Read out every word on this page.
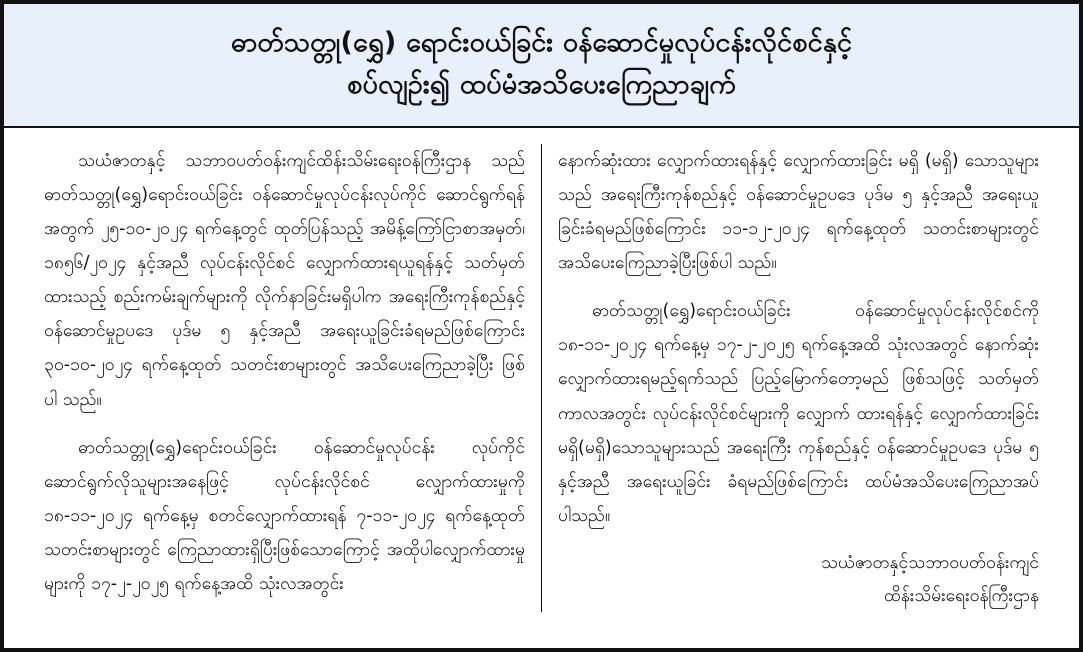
ဓာတ်သတ္တု(ရွှေ) ရောင်းဝယ်ခြင်း ဝန်ဆောင်မှုလုပ်ငန်းလိုင်စင်နှင့်
စပ်လျဉ်း၍ ထပ်မံအသိပေးကြေညာချက်

သယံဇာတနှင့် သဘာဝပတ်ဝန်းကျင်ထိန်းသိမ်းရေးဝန်ကြီးဌာန သည် ဓာတ်သတ္တု(ရွှေ)ရောင်းဝယ်ခြင်း ဝန်ဆောင်မှုလုပ်ငန်းလုပ်ကိုင် ဆောင်ရွက်ရန်အတွက် ၂၅-၁၀-၂၀၂၄ ရက်နေ့တွင် ထုတ်ပြန်သည့် အမိန့်ကြော်ငြာစာအမှတ်၊ ၁၈၅၆/၂၀၂၄ နှင့်အညီ လုပ်ငန်းလိုင်စင် လျှောက်ထားရယူရန်နှင့် သတ်မှတ်ထားသည့် စည်းကမ်းချက်များကို လိုက်နာခြင်းမရှိပါက အရေးကြီးကုန်စည်နှင့် ဝန်ဆောင်မှုဥပဒေ ပုဒ်မ ၅ နှင့်အညီ အရေးယူခြင်းခံရမည်ဖြစ်ကြောင်း ၃၀-၁၀-၂၀၂၄ ရက်နေ့ထုတ် သတင်းစာများတွင် အသိပေးကြေညာခဲ့ပြီး ဖြစ်ပါ သည်။

ဓာတ်သတ္တု(ရွှေ)ရောင်းဝယ်ခြင်း ဝန်ဆောင်မှုလုပ်ငန်း လုပ်ကိုင် ဆောင်ရွက်လိုသူများအနေဖြင့် လုပ်ငန်းလိုင်စင် လျှောက်ထားမှုကို ၁၈-၁၁-၂၀၂၄ ရက်နေ့မှ စတင်လျှောက်ထားရန် ၇-၁၁-၂၀၂၄ ရက်နေ့ထုတ် သတင်းစာများတွင် ကြေညာထားရှိပြီးဖြစ်သောကြောင့် အထိုပါလျှောက်ထားမှုများကို ၁၇-၂-၂၀၂၅ ရက်နေ့အထိ သုံးလအတွင်း

နောက်ဆုံးထား လျှောက်ထားရန်နှင့် လျှောက်ထားခြင်း မရှိ (မရှိ) သောသူများသည် အရေးကြီးကုန်စည်နှင့် ဝန်ဆောင်မှုဥပဒေ ပုဒ်မ ၅ နှင့်အညီ အရေးယူခြင်းခံရမည်ဖြစ်ကြောင်း ၁၁-၁၂-၂၀၂၄ ရက်နေ့ထုတ် သတင်းစာများတွင် အသိပေးကြေညာခဲ့ပြီးဖြစ်ပါ သည်။

ဓာတ်သတ္တု(ရွှေ)ရောင်းဝယ်ခြင်း ဝန်ဆောင်မှုလုပ်ငန်းလိုင်စင်ကို ၁၈-၁၁-၂၀၂၄ ရက်နေ့မှ ၁၇-၂-၂၀၂၅ ရက်နေ့အထိ သုံးလအတွင် နောက်ဆုံးလျှောက်ထားရမည့်ရက်သည် ပြည့်မြောက်တော့မည် ဖြစ်သဖြင့် သတ်မှတ်ကာလအတွင်း လုပ်ငန်းလိုင်စင်များကို လျှောက် ထားရန်နှင့် လျှောက်ထားခြင်း မရှိ(မရှိ)သောသူများသည် အရေးကြီး ကုန်စည်နှင့် ဝန်ဆောင်မှုဥပဒေ ပုဒ်မ ၅ နှင့်အညီ အရေးယူခြင်း ခံရမည်ဖြစ်ကြောင်း ထပ်မံအသိပေးကြေညာအပ်ပါသည်။

သယံဇာတနှင့်သဘာဝပတ်ဝန်းကျင်
ထိန်းသိမ်းရေးဝန်ကြီးဌာန
